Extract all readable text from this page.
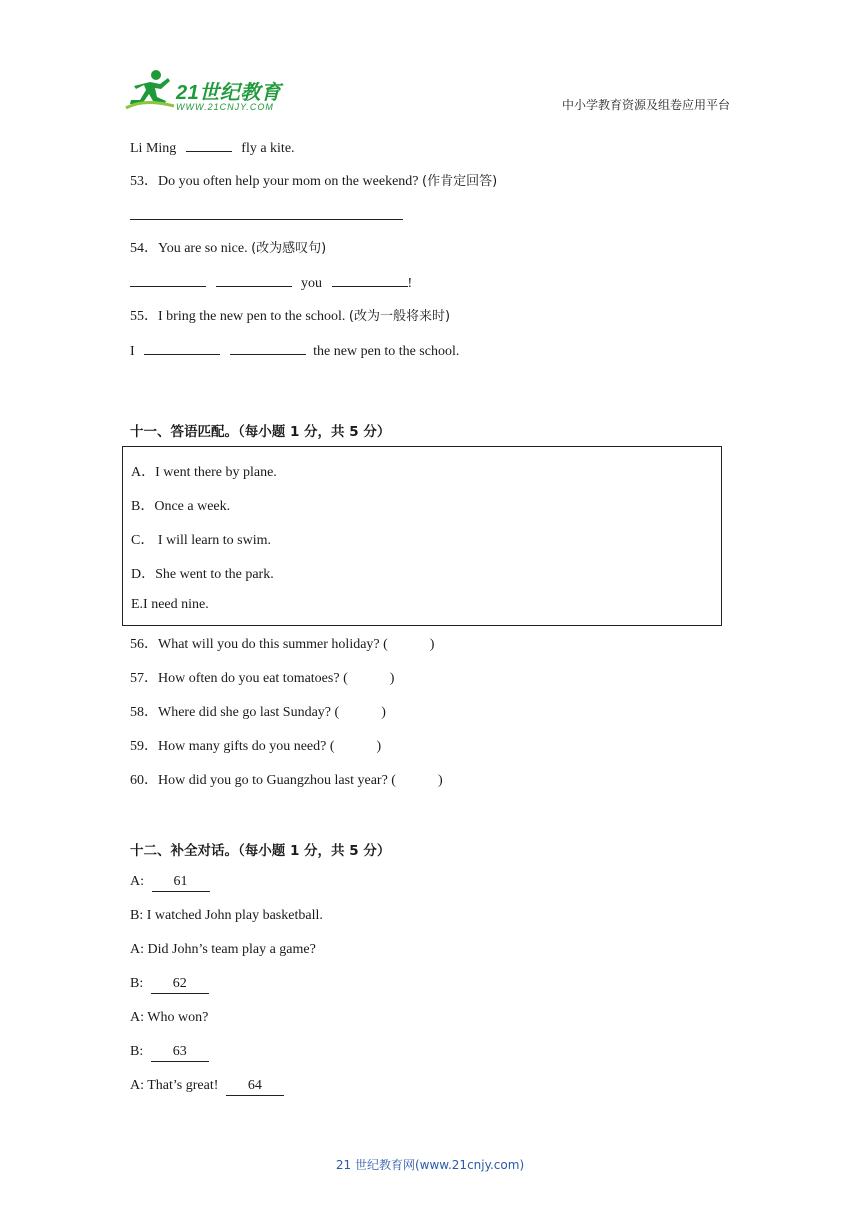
21世纪教育
WWW.21CNJY.COM	中小学教育资源及组卷应用平台
Li Ming	fly a kite.
53．Do you often help your mom on the weekend? (作肯定回答)
54．You are so nice. (改为感叹句)
you	!
55．I bring the new pen to the school. (改为一般将来时)
I	the new pen to the school.
十一、答语匹配。（每小题 1 分，共 5 分）
A．I went there by plane.
B．Once a week.
C． I will learn to swim.
D．She went to the park.
E.I need nine.
56．What will you do this summer holiday? (	)
57．How often do you eat tomatoes? (	)
58．Where did she go last Sunday? (	)
59．How many gifts do you need? (	)
60．How did you go to Guangzhou last year? (	)
十二、补全对话。（每小题 1 分，共 5 分）
A: 61
B: I watched John play basketball.
A: Did John’s team play a game?
B: 62
A: Who won?
B: 63
A: That’s great! 64
21 世纪教育网(www.21cnjy.com)
